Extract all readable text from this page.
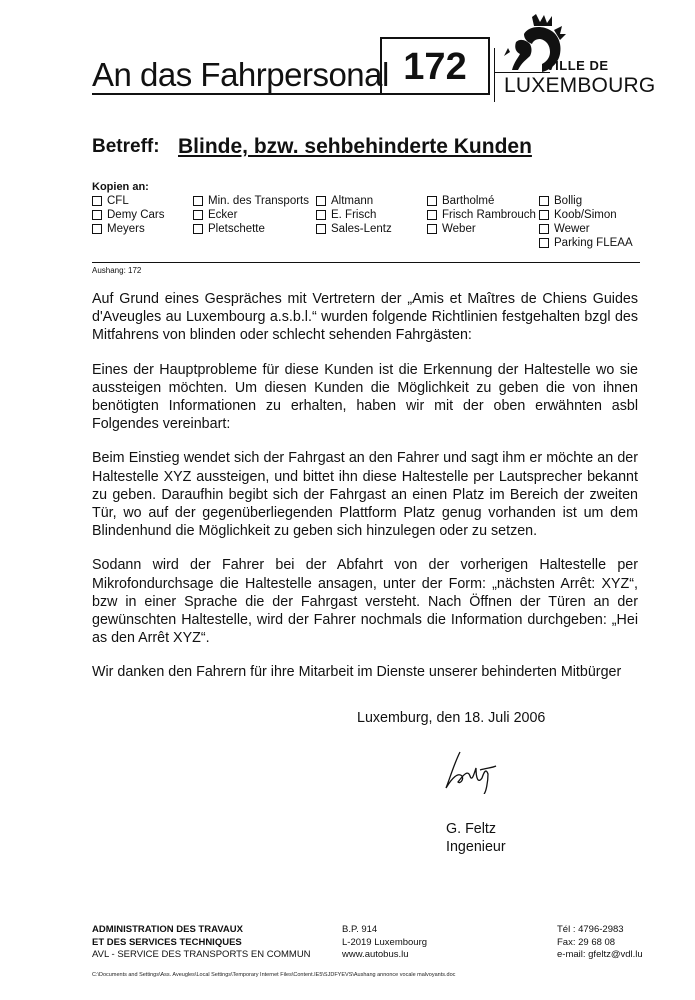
An das Fahrpersonal 172	VILLE DE
LUXEMBOURG
Betreff: Blinde, bzw. sehbehinderte Kunden
Kopien an:
CFL
Demy Cars
Meyers
Min. des Transports
Ecker
Pletschette
Altmann
E. Frisch
Sales-Lentz
Bartholmé
Frisch Rambrouch
Weber
Bollig
Koob/Simon
Wewer
Parking FLEAA
Aushang: 172

Auf Grund eines Gespräches mit Vertretern der „Amis et Maîtres de Chiens Guides d'Aveugles au Luxembourg a.s.b.l.“ wurden folgende Richtlinien festgehalten bzgl des Mitfahrens von blinden oder schlecht sehenden Fahrgästen:

Eines der Hauptprobleme für diese Kunden ist die Erkennung der Haltestelle wo sie aussteigen möchten. Um diesen Kunden die Möglichkeit zu geben die von ihnen benötigten Informationen zu erhalten, haben wir mit der oben erwähnten asbl Folgendes vereinbart:

Beim Einstieg wendet sich der Fahrgast an den Fahrer und sagt ihm er möchte an der Haltestelle XYZ aussteigen, und bittet ihn diese Haltestelle per Lautsprecher bekannt zu geben. Daraufhin begibt sich der Fahrgast an einen Platz im Bereich der zweiten Tür, wo auf der gegenüberliegenden Plattform Platz genug vorhanden ist um dem Blindenhund die Möglichkeit zu geben sich hinzulegen oder zu setzen.

Sodann wird der Fahrer bei der Abfahrt von der vorherigen Haltestelle per Mikrofondurchsage die Haltestelle ansagen, unter der Form: „nächsten Arrêt: XYZ“, bzw in einer Sprache die der Fahrgast versteht. Nach Öffnen der Türen an der gewünschten Haltestelle, wird der Fahrer nochmals die Information durchgeben: „Hei as den Arrêt XYZ“.

Wir danken den Fahrern für ihre Mitarbeit im Dienste unserer behinderten Mitbürger

Luxemburg, den 18. Juli 2006
G. Feltz
Ingenieur
ADMINISTRATION DES TRAVAUX
ET DES SERVICES TECHNIQUES
AVL - SERVICE DES TRANSPORTS EN COMMUN
B.P. 914
L-2019 Luxembourg
www.autobus.lu
Tél : 4796-2983
Fax: 29 68 08
e-mail: gfeltz@vdl.lu
C:\Documents and Settings\Ass. Aveugles\Local Settings\Temporary Internet Files\Content.IE5\SJDFYEVS\Aushang annonce vocale malvoyants.doc
